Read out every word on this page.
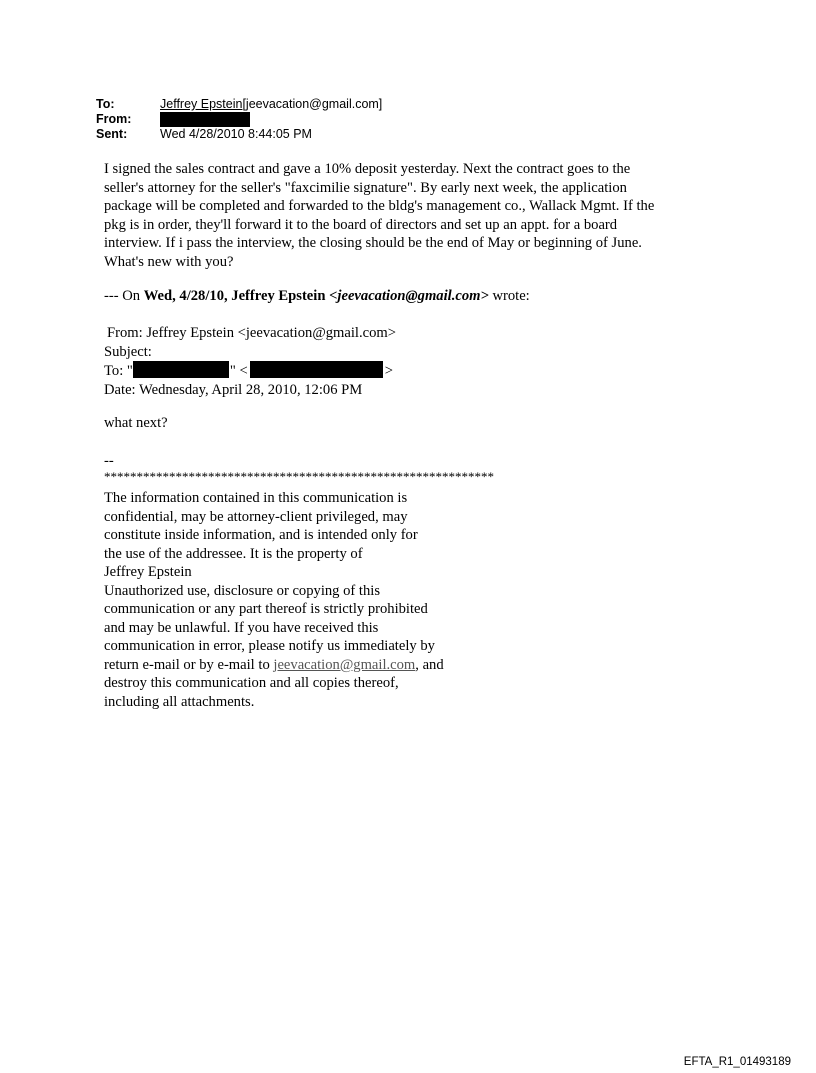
To:	Jeffrey Epstein[jeevacation@gmail.com]
From:
Sent:	Wed 4/28/2010 8:44:05 PM
I signed the sales contract and gave a 10% deposit yesterday. Next the contract goes to the
seller's attorney for the seller's "faxcimilie signature". By early next week, the application
package will be completed and forwarded to the bldg's management co., Wallack Mgmt. If the
pkg is in order, they'll forward it to the board of directors and set up an appt. for a board
interview. If i pass the interview, the closing should be the end of May or beginning of June.
What's new with you?
--- On Wed, 4/28/10, Jeffrey Epstein <jeevacation@gmail.com> wrote:
From: Jeffrey Epstein <jeevacation@gmail.com>
Subject:
To: "	" <	>
Date: Wednesday, April 28, 2010, 12:06 PM
what next?
--
************************************************************
The information contained in this communication is
confidential, may be attorney-client privileged, may
constitute inside information, and is intended only for
the use of the addressee. It is the property of
Jeffrey Epstein
Unauthorized use, disclosure or copying of this
communication or any part thereof is strictly prohibited
and may be unlawful. If you have received this
communication in error, please notify us immediately by
return e-mail or by e-mail to jeevacation@gmail.com, and
destroy this communication and all copies thereof,
including all attachments.
EFTA_R1_01493189
